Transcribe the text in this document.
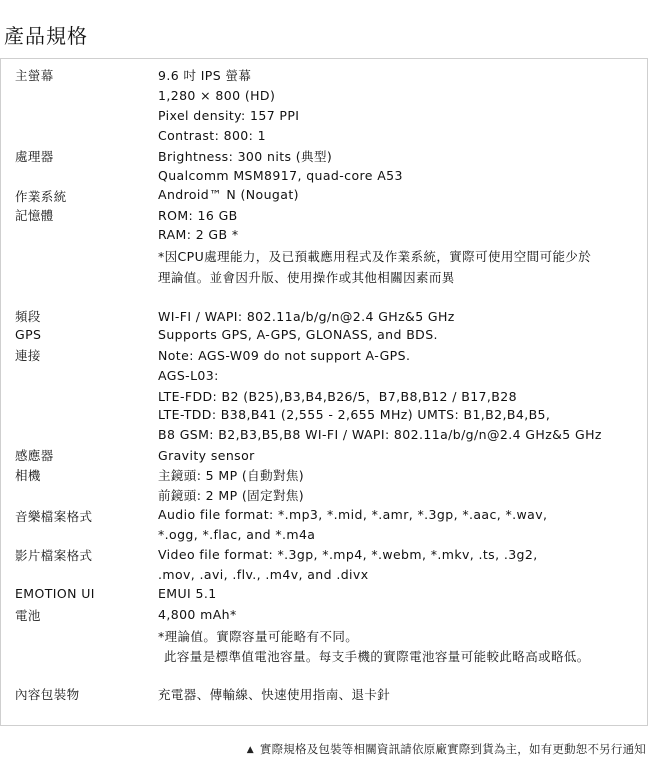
產品規格

主螢幕

處理器

作業系統

記憶體

頻段

GPS

連接

感應器

相機

音樂檔案格式

影片檔案格式

EMOTION UI

電池

內容包裝物

9.6 吋 IPS 螢幕

1,280 × 800 (HD)

Pixel density: 157 PPI

Contrast: 800: 1

Brightness: 300 nits (典型)

Qualcomm MSM8917, quad-core A53

Android™ N (Nougat)

ROM: 16 GB

RAM: 2 GB *

*因CPU處理能力，及已預載應用程式及作業系統，實際可使用空間可能少於

理論值。並會因升版、使用操作或其他相關因素而異

WI-FI / WAPI: 802.11a/b/g/n@2.4 GHz&5 GHz

Supports GPS, A-GPS, GLONASS, and BDS.

Note: AGS-W09 do not support A-GPS.

AGS-L03:

LTE-FDD: B2 (B25),B3,B4,B26/5，B7,B8,B12 / B17,B28

LTE-TDD: B38,B41 (2,555 - 2,655 MHz) UMTS: B1,B2,B4,B5,

B8 GSM: B2,B3,B5,B8 WI-FI / WAPI: 802.11a/b/g/n@2.4 GHz&5 GHz

Gravity sensor

主鏡頭: 5 MP (自動對焦)

前鏡頭: 2 MP (固定對焦)

Audio file format: *.mp3, *.mid, *.amr, *.3gp, *.aac, *.wav,

*.ogg, *.flac, and *.m4a

Video file format: *.3gp, *.mp4, *.webm, *.mkv, .ts, .3g2,

.mov, .avi, .flv., .m4v, and .divx

EMUI 5.1

4,800 mAh*

*理論值。實際容量可能略有不同。

此容量是標準值電池容量。每支手機的實際電池容量可能較此略高或略低。

充電器、傳輸線、快速使用指南、退卡針

▲ 實際規格及包裝等相關資訊請依原廠實際到貨為主，如有更動恕不另行通知
